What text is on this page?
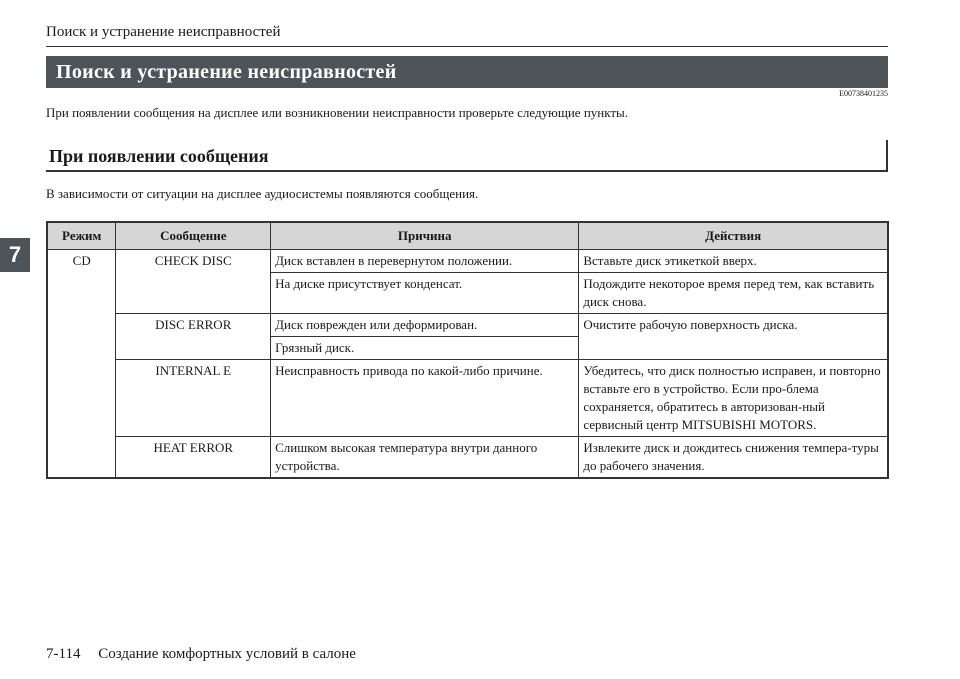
Поиск и устранение неисправностей
Поиск и устранение неисправностей
E00738401235
При появлении сообщения на дисплее или возникновении неисправности проверьте следующие пункты.
При появлении сообщения
В зависимости от ситуации на дисплее аудиосистемы появляются сообщения.
7
Режим	Сообщение	Причина	Действия
CD	CHECK DISC	Диск вставлен в перевернутом положении.	Вставьте диск этикеткой вверх.
		На диске присутствует конденсат.	Подождите некоторое время перед тем, как вставить диск снова.
	DISC ERROR	Диск поврежден или деформирован.	Очистите рабочую поверхность диска.
		Грязный диск.	
	INTERNAL E	Неисправность привода по какой-либо причине.	Убедитесь, что диск полностью исправен, и повторно вставьте его в устройство. Если про-блема сохраняется, обратитесь в авторизован-ный сервисный центр MITSUBISHI MOTORS.
	HEAT ERROR	Слишком высокая температура внутри данного устройства.	Извлеките диск и дождитесь снижения темпера-туры до рабочего значения.
7-114 Создание комфортных условий в салоне
